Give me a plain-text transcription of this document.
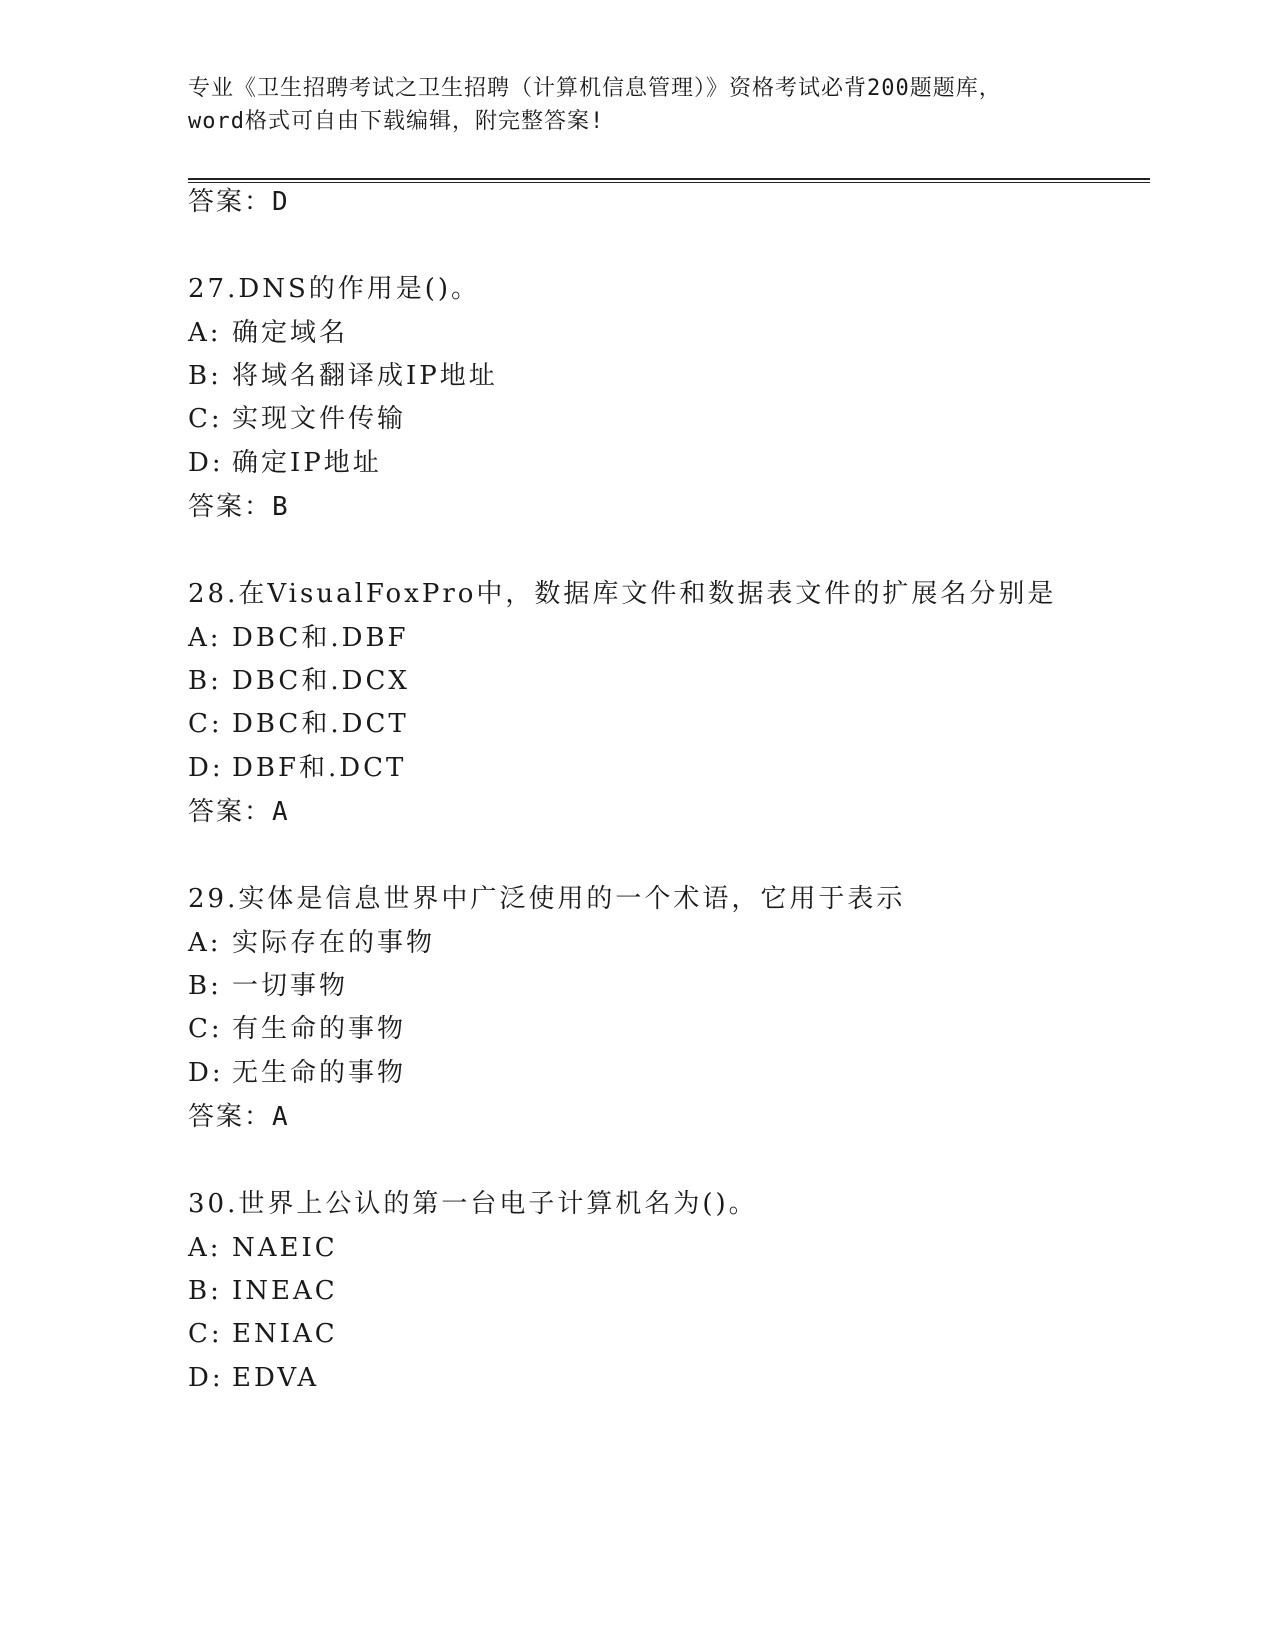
专业《卫生招聘考试之卫生招聘（计算机信息管理）》资格考试必背200题题库，
word格式可自由下载编辑，附完整答案!
答案：D
27.DNS的作用是()。
A: 确定域名
B: 将域名翻译成IP地址
C: 实现文件传输
D: 确定IP地址
答案：B
28.在VisualFoxPro中，数据库文件和数据表文件的扩展名分别是
A: DBC和.DBF
B: DBC和.DCX
C: DBC和.DCT
D: DBF和.DCT
答案：A
29.实体是信息世界中广泛使用的一个术语，它用于表示
A: 实际存在的事物
B: 一切事物
C: 有生命的事物
D: 无生命的事物
答案：A
30.世界上公认的第一台电子计算机名为()。
A: NAEIC
B: INEAC
C: ENIAC
D: EDVA
